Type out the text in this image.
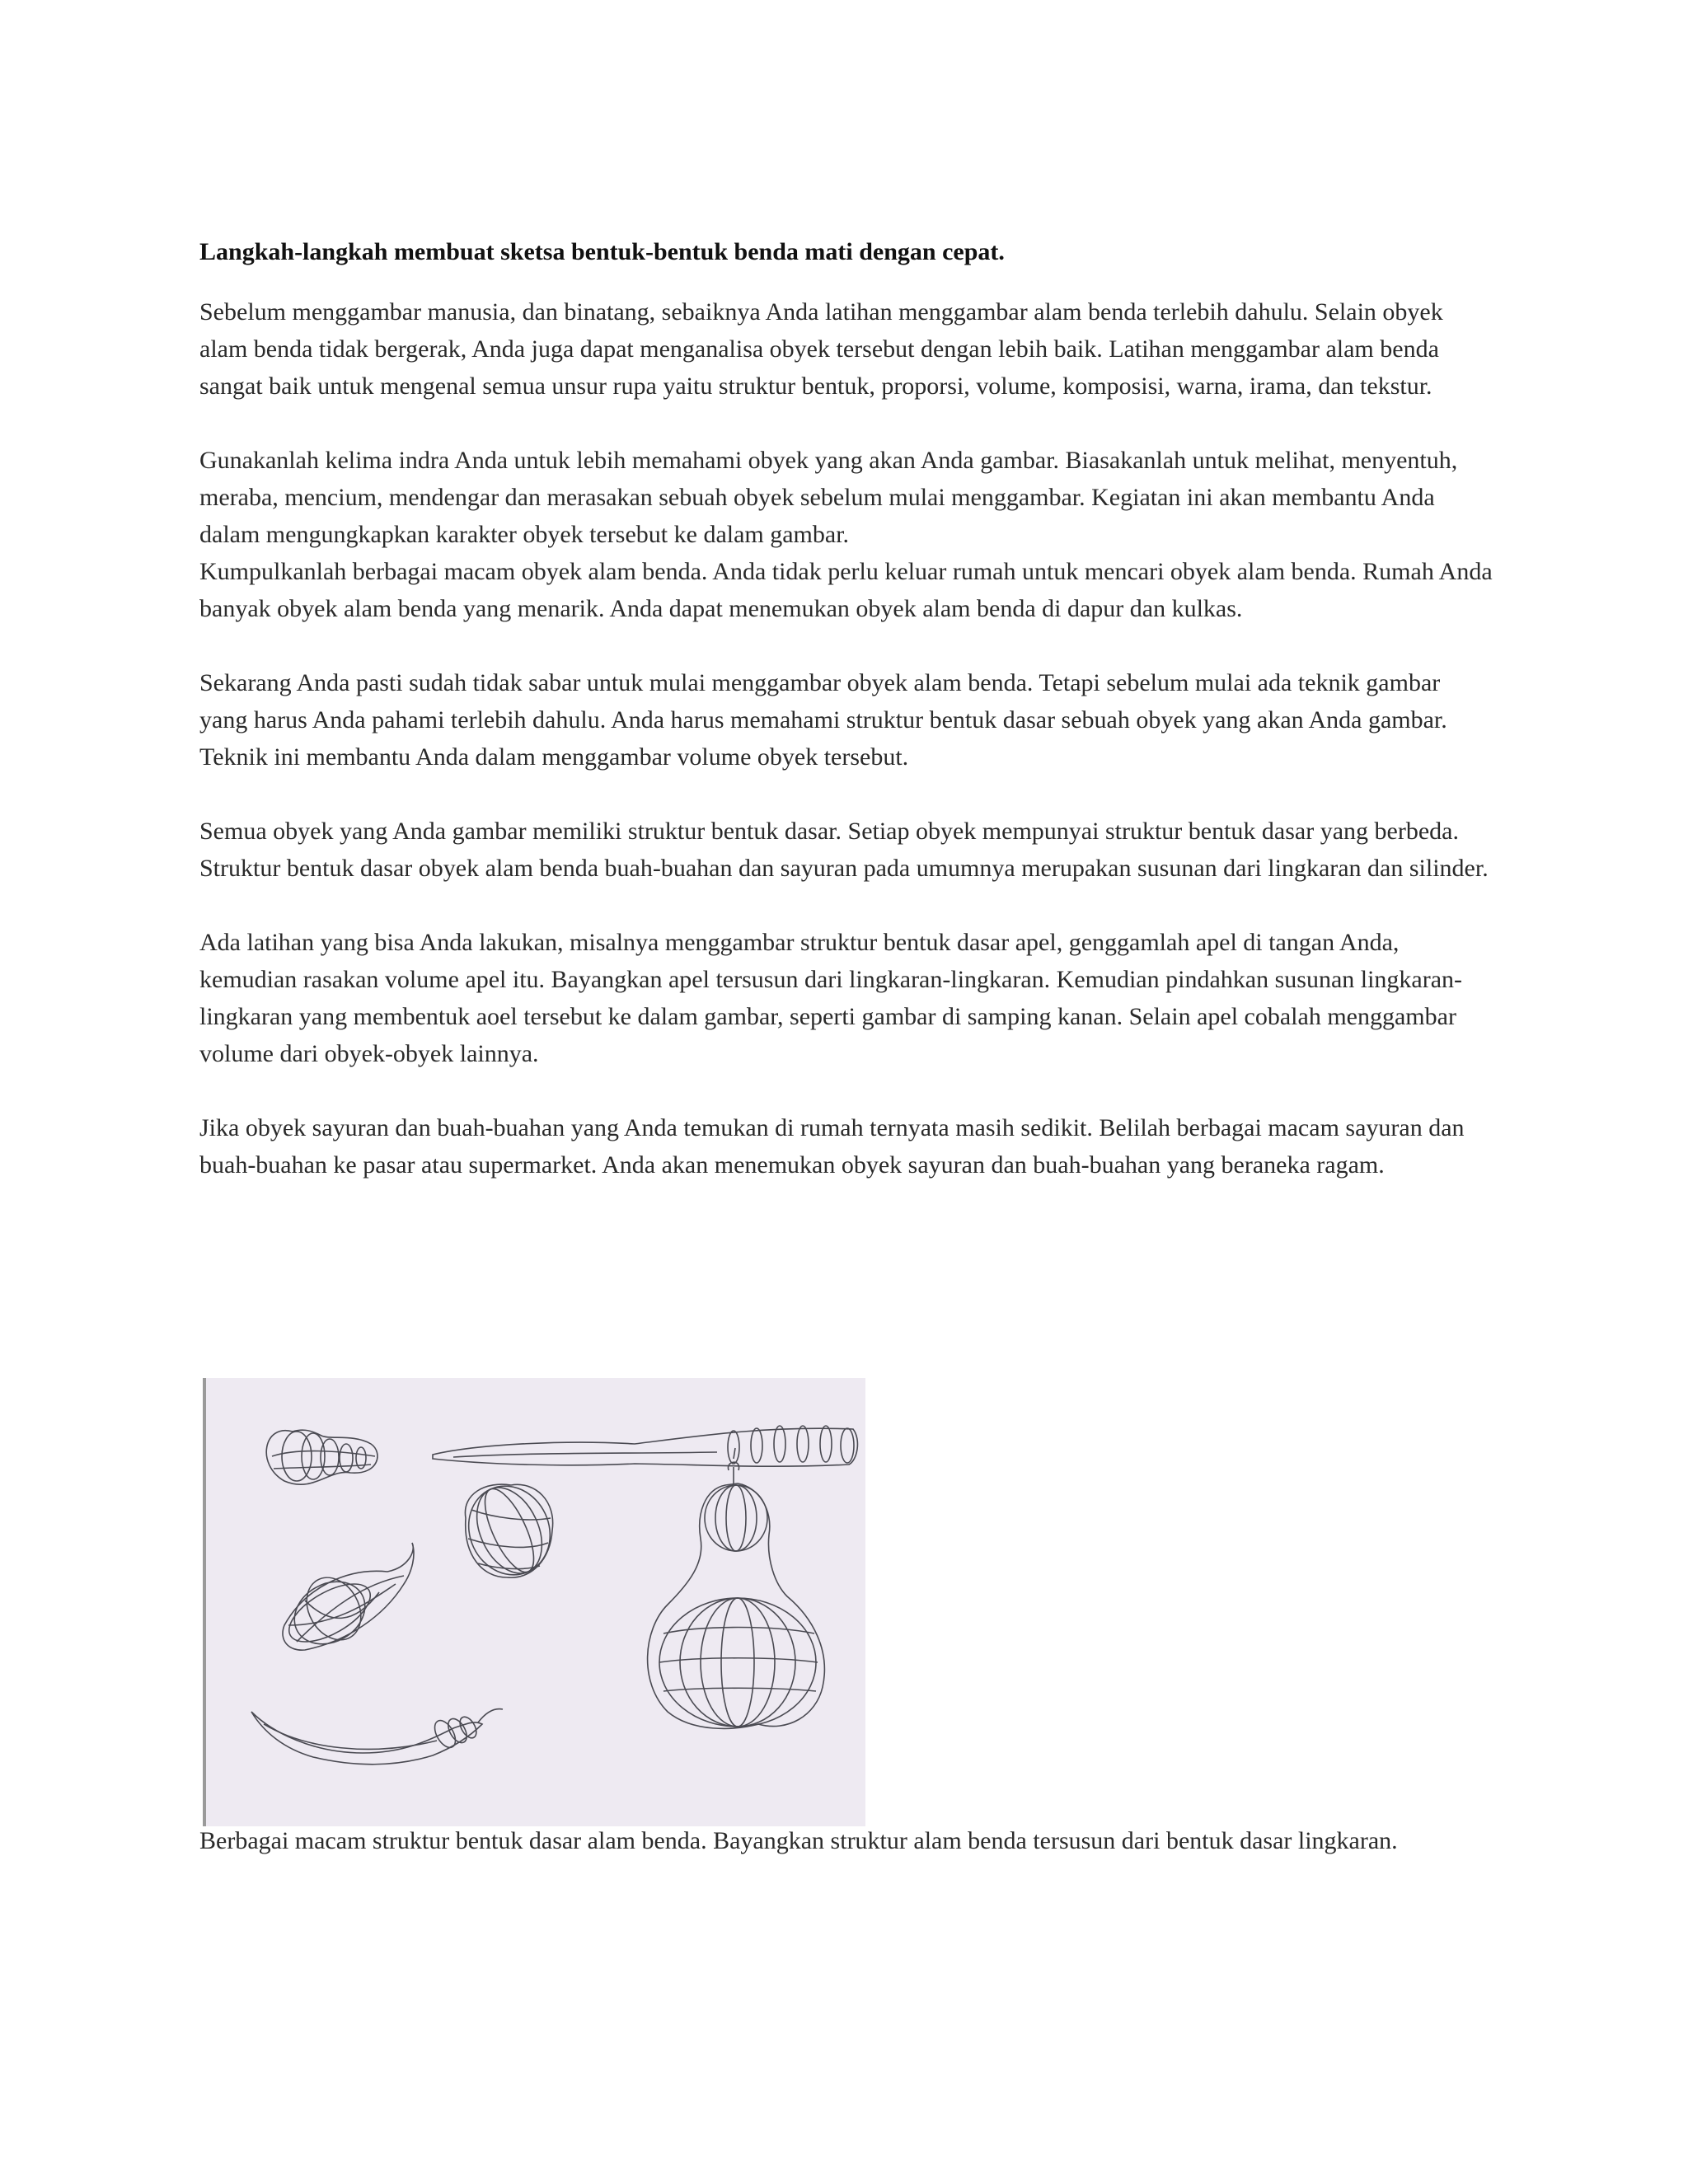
Langkah-langkah membuat sketsa bentuk-bentuk benda mati dengan cepat.

Sebelum menggambar manusia, dan binatang, sebaiknya Anda latihan menggambar alam benda terlebih dahulu. Selain obyek alam benda tidak bergerak, Anda juga dapat menganalisa obyek tersebut dengan lebih baik. Latihan menggambar alam benda sangat baik untuk mengenal semua unsur rupa yaitu struktur bentuk, proporsi, volume, komposisi, warna, irama, dan tekstur.

Gunakanlah kelima indra Anda untuk lebih memahami obyek yang akan Anda gambar. Biasakanlah untuk melihat, menyentuh, meraba, mencium, mendengar dan merasakan sebuah obyek sebelum mulai menggambar. Kegiatan ini akan membantu Anda dalam mengungkapkan karakter obyek tersebut ke dalam gambar.

Kumpulkanlah berbagai macam obyek alam benda. Anda tidak perlu keluar rumah untuk mencari obyek alam benda. Rumah Anda banyak obyek alam benda yang menarik. Anda dapat menemukan obyek alam benda di dapur dan kulkas.

Sekarang Anda pasti sudah tidak sabar untuk mulai menggambar obyek alam benda. Tetapi sebelum mulai ada teknik gambar yang harus Anda pahami terlebih dahulu. Anda harus memahami struktur bentuk dasar sebuah obyek yang akan Anda gambar. Teknik ini membantu Anda dalam menggambar volume obyek tersebut.

Semua obyek yang Anda gambar memiliki struktur bentuk dasar. Setiap obyek mempunyai struktur bentuk dasar yang berbeda. Struktur bentuk dasar obyek alam benda buah-buahan dan sayuran pada umumnya merupakan susunan dari lingkaran dan silinder.

Ada latihan yang bisa Anda lakukan, misalnya menggambar struktur bentuk dasar apel, genggamlah apel di tangan Anda, kemudian rasakan volume apel itu. Bayangkan apel tersusun dari lingkaran-lingkaran. Kemudian pindahkan susunan lingkaran-lingkaran yang membentuk aoel tersebut ke dalam gambar, seperti gambar di samping kanan. Selain apel cobalah menggambar volume dari obyek-obyek lainnya.

Jika obyek sayuran dan buah-buahan yang Anda temukan di rumah ternyata masih sedikit. Belilah berbagai macam sayuran dan buah-buahan ke pasar atau supermarket. Anda akan menemukan obyek sayuran dan buah-buahan yang beraneka ragam.

Berbagai macam struktur bentuk dasar alam benda. Bayangkan struktur alam benda tersusun dari bentuk dasar lingkaran.
